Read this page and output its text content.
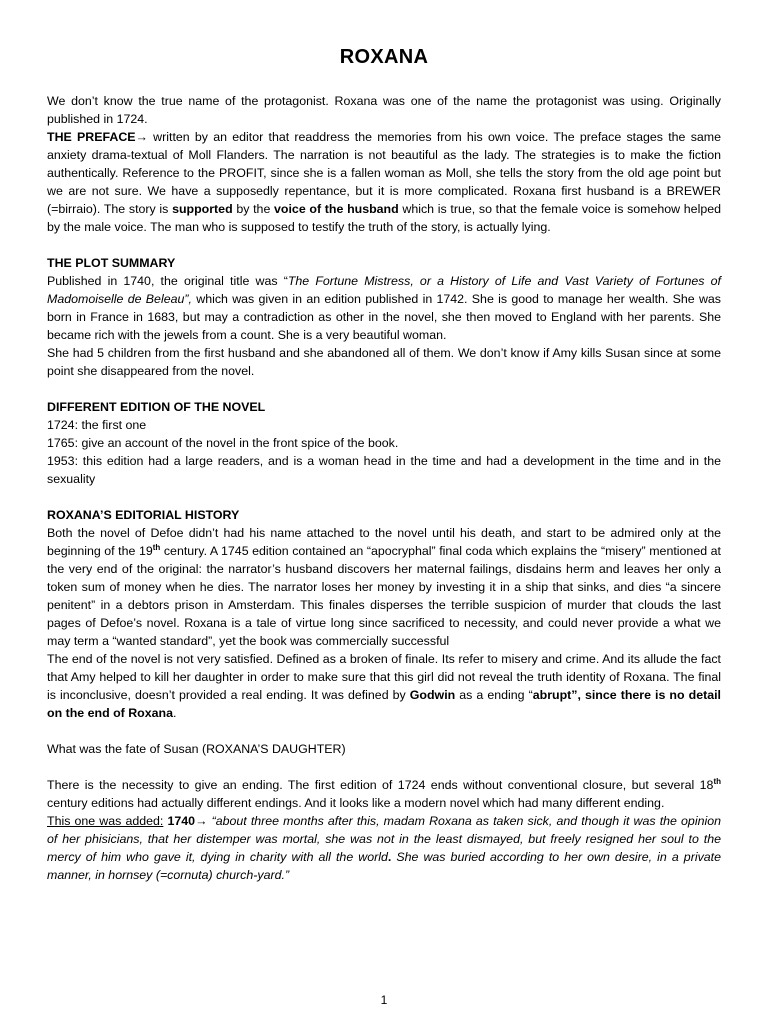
ROXANA

We don’t know the true name of the protagonist. Roxana was one of the name the protagonist was using. Originally published in 1724.

THE PREFACE→ written by an editor that readdress the memories from his own voice. The preface stages the same anxiety drama-textual of Moll Flanders. The narration is not beautiful as the lady. The strategies is to make the fiction authentically. Reference to the PROFIT, since she is a fallen woman as Moll, she tells the story from the old age point but we are not sure. We have a supposedly repentance, but it is more complicated. Roxana first husband is a BREWER (=birraio). The story is supported by the voice of the husband which is true, so that the female voice is somehow helped by the male voice. The man who is supposed to testify the truth of the story, is actually lying.

THE PLOT SUMMARY

Published in 1740, the original title was “The Fortune Mistress, or a History of Life and Vast Variety of Fortunes of Madomoiselle de Beleau”, which was given in an edition published in 1742. She is good to manage her wealth. She was born in France in 1683, but may a contradiction as other in the novel, she then moved to England with her parents. She became rich with the jewels from a count. She is a very beautiful woman.

She had 5 children from the first husband and she abandoned all of them. We don’t know if Amy kills Susan since at some point she disappeared from the novel.

DIFFERENT EDITION OF THE NOVEL

1724: the first one

1765: give an account of the novel in the front spice of the book.

1953: this edition had a large readers, and is a woman head in the time and had a development in the time and in the sexuality

ROXANA’S EDITORIAL HISTORY

Both the novel of Defoe didn’t had his name attached to the novel until his death, and start to be admired only at the beginning of the 19th century. A 1745 edition contained an “apocryphal” final coda which explains the “misery” mentioned at the very end of the original: the narrator’s husband discovers her maternal failings, disdains herm and leaves her only a token sum of money when he dies. The narrator loses her money by investing it in a ship that sinks, and dies “a sincere penitent” in a debtors prison in Amsterdam. This finales disperses the terrible suspicion of murder that clouds the last pages of Defoe’s novel. Roxana is a tale of virtue long since sacrificed to necessity, and could never provide a what we may term a “wanted standard”, yet the book was commercially successful

The end of the novel is not very satisfied. Defined as a broken of finale. Its refer to misery and crime. And its allude the fact that Amy helped to kill her daughter in order to make sure that this girl did not reveal the truth identity of Roxana. The final is inconclusive, doesn’t provided a real ending. It was defined by Godwin as a ending “abrupt”, since there is no detail on the end of Roxana.

What was the fate of Susan (ROXANA’S DAUGHTER)

There is the necessity to give an ending. The first edition of 1724 ends without conventional closure, but several 18th century editions had actually different endings. And it looks like a modern novel which had many different ending.

This one was added: 1740→ “about three months after this, madam Roxana as taken sick, and though it was the opinion of her phisicians, that her distemper was mortal, she was not in the least dismayed, but freely resigned her soul to the mercy of him who gave it, dying in charity with all the world. She was buried according to her own desire, in a private manner, in hornsey (=cornuta) church-yard.”

1
